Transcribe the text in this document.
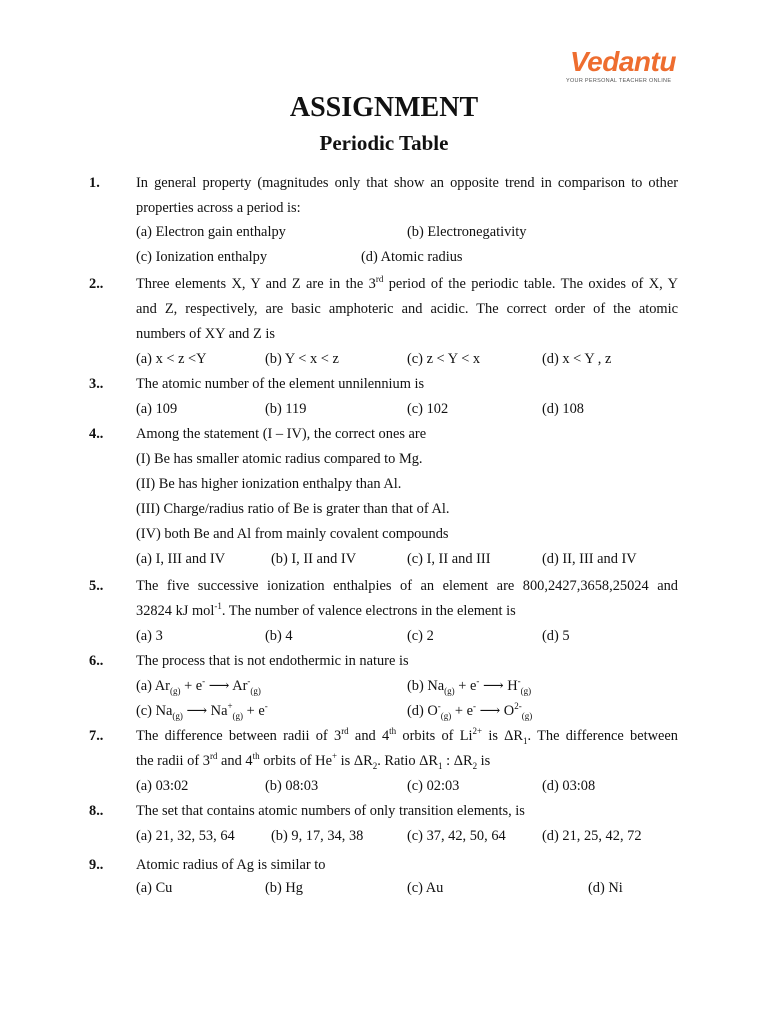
Vedantu
YOUR PERSONAL TEACHER ONLINE
ASSIGNMENT
Periodic Table
1.	In general property (magnitudes only that show an opposite trend in comparison to other
properties across a period is:
(a) Electron gain enthalpy	(b) Electronegativity
(c) Ionization enthalpy	(d) Atomic radius
2.. Three elements X, Y and Z are in the 3rd period of the periodic table. The oxides of X, Y
and Z, respectively, are basic amphoteric and acidic. The correct order of the atomic
numbers of XY and Z is
(a) x < z <Y	(b) Y < x < z	(c) z < Y < x	(d) x < Y , z
3.. The atomic number of the element unnilennium is
(a) 109	(b) 119	(c) 102	(d) 108
4.. Among the statement (I – IV), the correct ones are
(I) Be has smaller atomic radius compared to Mg.
(II) Be has higher ionization enthalpy than Al.
(III) Charge/radius ratio of Be is grater than that of Al.
(IV) both Be and Al from mainly covalent compounds
(a) I, III and IV	(b) I, II and IV	(c) I, II and III	(d) II, III and IV
5.. The five successive ionization enthalpies of an element are 800,2427,3658,25024 and
32824 kJ mol$^{-1}$. The number of valence electrons in the element is
(a) 3	(b) 4	(c) 2	(d) 5
6.. The process that is not endothermic in nature is
(a) $Ar_{(g)} + e^-$ ⟶ $Ar^-_{(g)}$	(b) $Na_{(g)} + e^-$ ⟶ $H^-_{(g)}$
(c) $Na_{(g)}$ ⟶ $Na^+_{(g)} + e^-$	(d) $O^-_{(g)} + e^-$ ⟶ $O^{2-}_{(g)}$
7.. The difference between radii of 3rd and 4th orbits of $Li^{2+}$ is $\Delta R_1$. The difference between
the radii of 3rd and 4th orbits of He+ is $\Delta R_2$. Ratio $\Delta R_1$ : $\Delta R_2$ is
(a) 03:02	(b) 08:03	(c) 02:03	(d) 03:08
8.. The set that contains atomic numbers of only transition elements, is
(a) 21, 32, 53, 64	(b) 9, 17, 34, 38	(c) 37, 42, 50, 64	(d) 21, 25, 42, 72
9.. Atomic radius of Ag is similar to
(a) Cu	(b) Hg	(c) Au	(d) Ni
